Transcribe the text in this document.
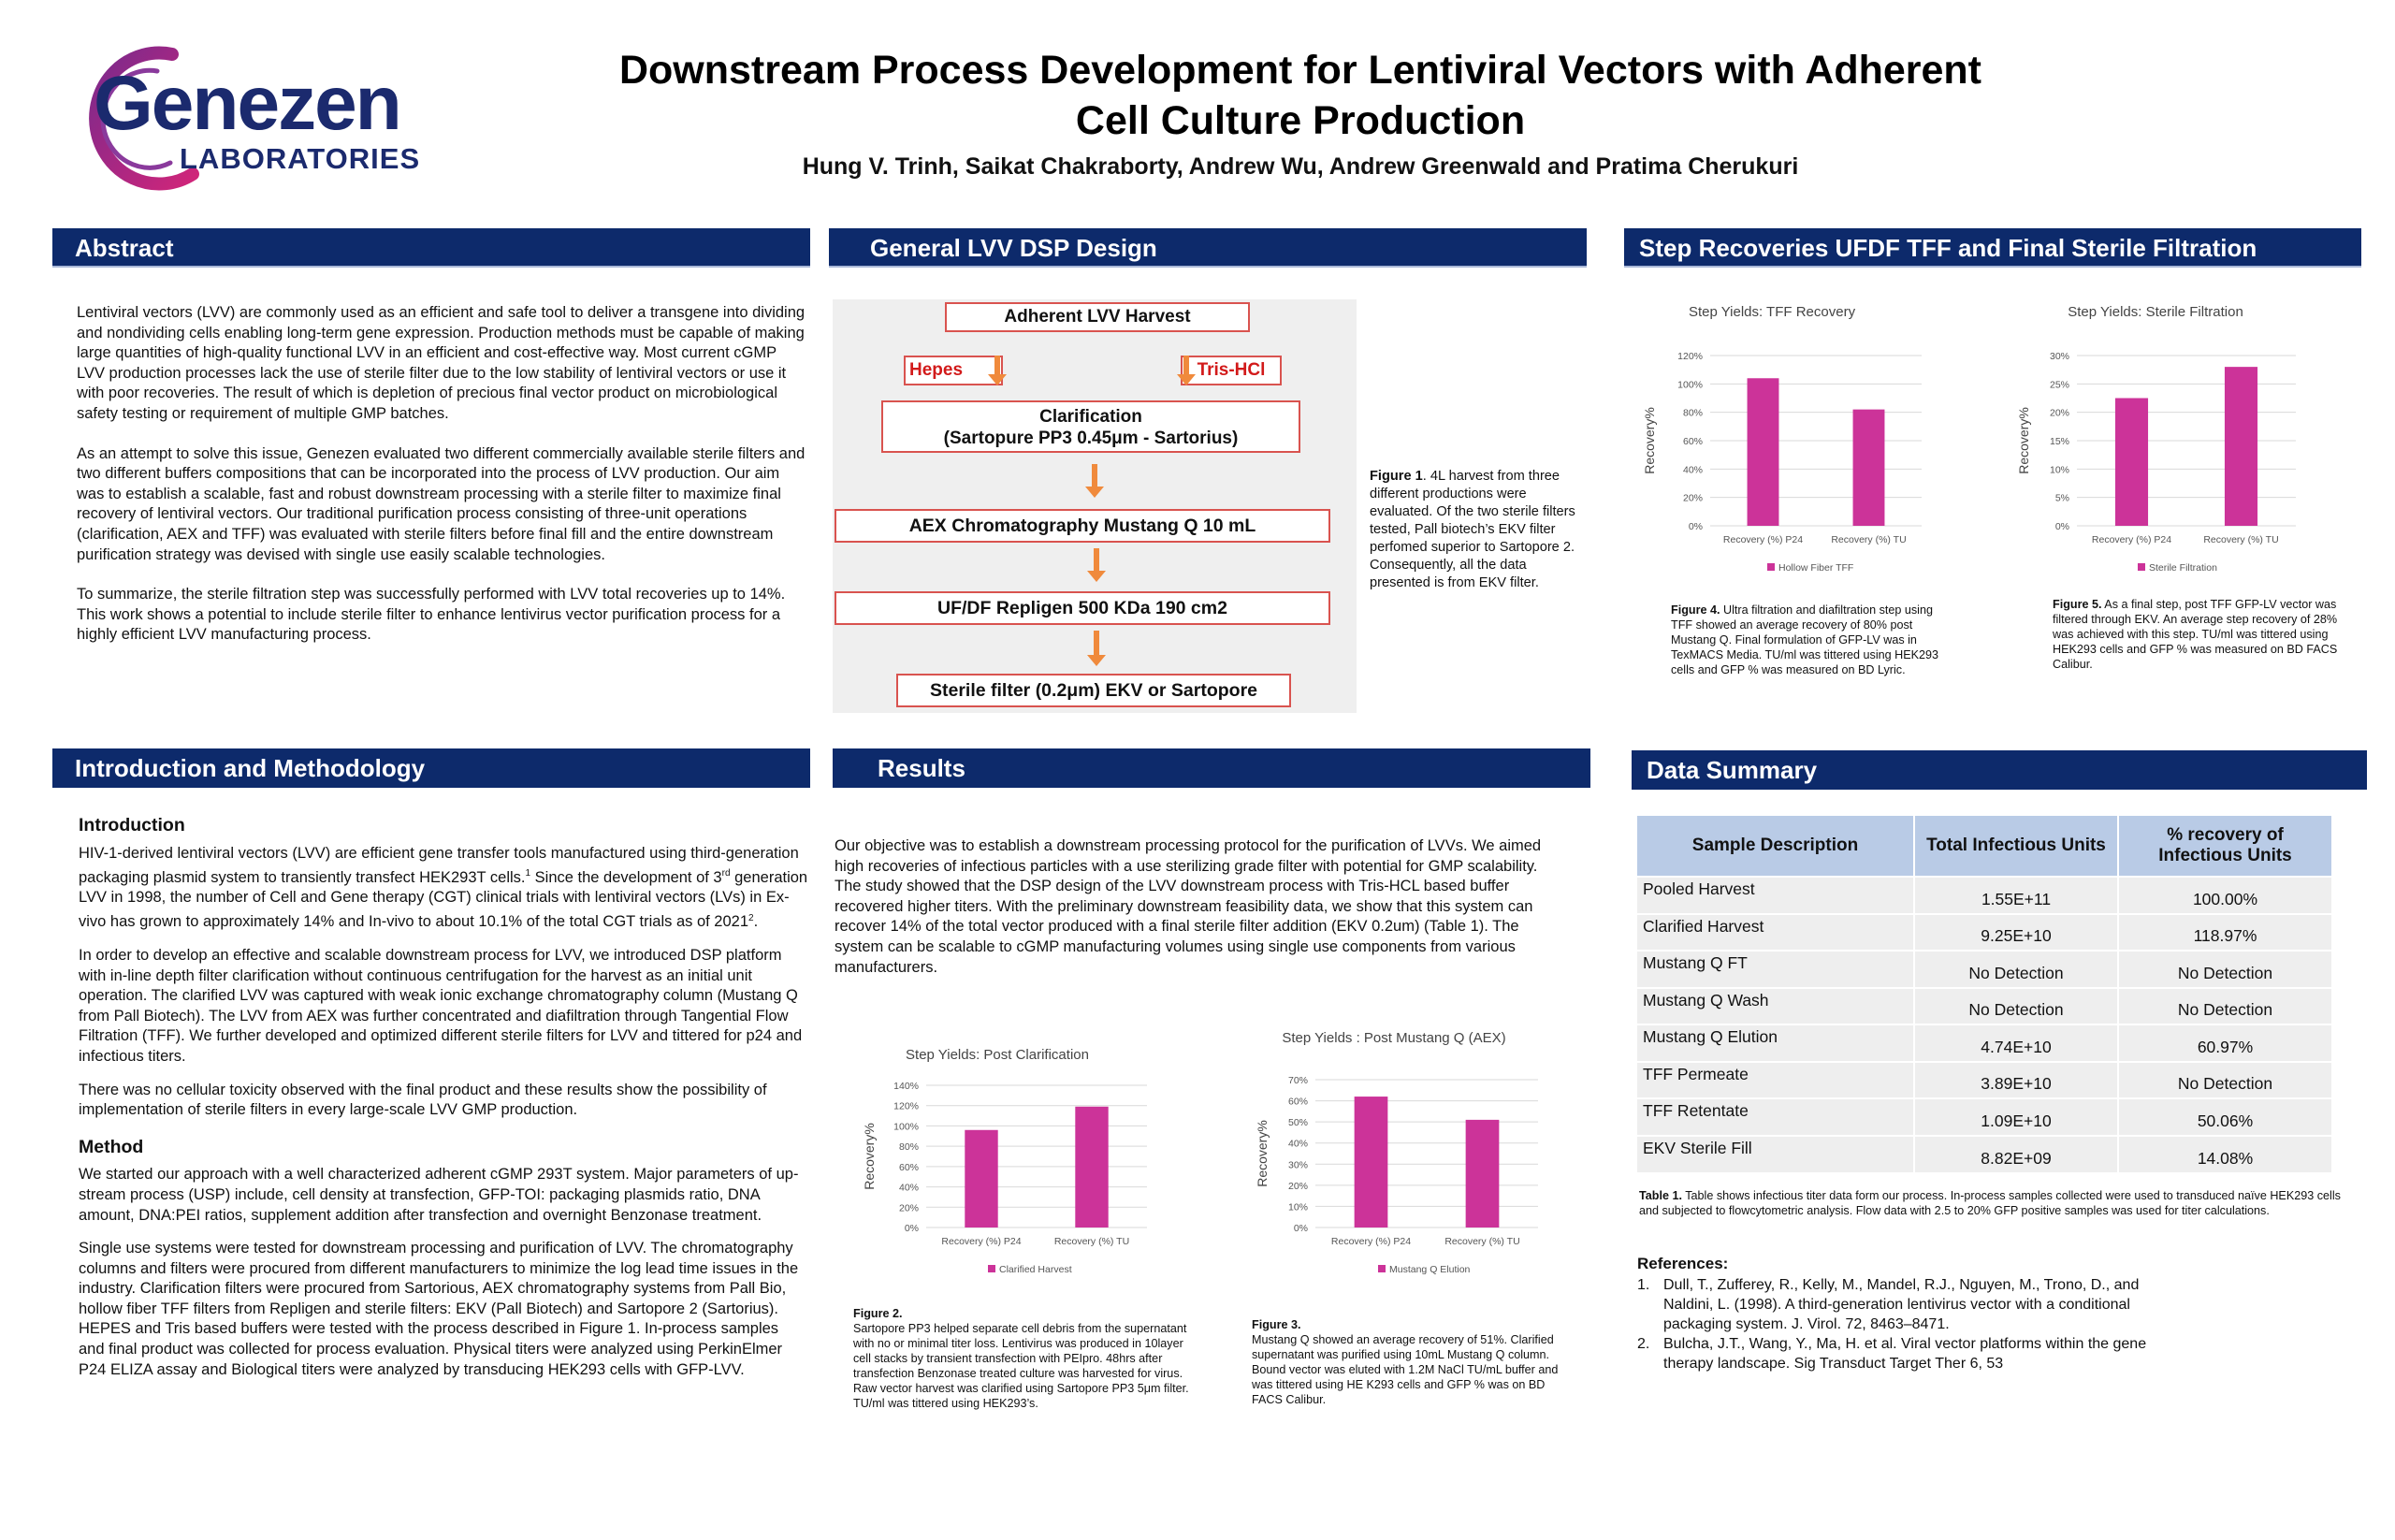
Genezen
LABORATORIES
Downstream Process Development for Lentiviral Vectors with Adherent
Cell Culture Production
Hung V. Trinh, Saikat Chakraborty, Andrew Wu, Andrew Greenwald and Pratima Cherukuri
Abstract	General LVV DSP Design	Step Recoveries UFDF TFF and Final Sterile Filtration
Introduction and Methodology	Results	Data Summary

Lentiviral vectors (LVV) are commonly used as an efficient and safe tool to deliver a transgene into dividing and nondividing cells enabling long-term gene expression. Production methods must be capable of making large quantities of high-quality functional LVV in an efficient and cost-effective way. Most current cGMP LVV production processes lack the use of sterile filter due to the low stability of lentiviral vectors or use it with poor recoveries. The result of which is depletion of precious final vector product on microbiological safety testing or requirement of multiple GMP batches.

As an attempt to solve this issue, Genezen evaluated two different commercially available sterile filters and two different buffers compositions that can be incorporated into the process of LVV production. Our aim was to establish a scalable, fast and robust downstream processing with a sterile filter to maximize final recovery of lentiviral vectors. Our traditional purification process consisting of three-unit operations (clarification, AEX and TFF) was evaluated with sterile filters before final fill and the entire downstream purification strategy was devised with single use easily scalable technologies.

To summarize, the sterile filtration step was successfully performed with LVV total recoveries up to 14%. This work shows a potential to include sterile filter to enhance lentivirus vector purification process for a highly efficient LVV manufacturing process.

Adherent LVV Harvest
Hepes	Tris-HCl
Clarification
(Sartopure PP3 0.45μm - Sartorius)
AEX Chromatography Mustang Q 10 mL
UF/DF Repligen 500 KDa 190 cm2
Sterile filter (0.2μm) EKV or Sartopore
Figure 1. 4L harvest from three different productions were evaluated. Of the two sterile filters tested, Pall biotech’s EKV filter perfomed superior to Sartopore 2. Consequently, all the data presented is from EKV filter.
Step Yields: TFF Recovery
Recovery%
0%
20%
40%
60%
80%
100%
120%
Recovery (%) P24	Recovery (%) TU
Hollow Fiber TFF
Step Yields: Sterile Filtration
Recovery%
0%
5%
10%
15%
20%
25%
30%
Recovery (%) P24	Recovery (%) TU
Sterile Filtration
Step Yields: Post Clarification
Recovery%
0%
20%
40%
60%
80%
100%
120%
140%
Recovery (%) P24	Recovery (%) TU
Clarified Harvest
Step Yields : Post Mustang Q (AEX)
Recovery%
0%
10%
20%
30%
40%
50%
60%
70%
Recovery (%) P24	Recovery (%) TU
Mustang Q Elution
Figure 4. Ultra filtration and diafiltration step using TFF showed an average recovery of 80% post Mustang Q. Final formulation of GFP-LV was in TexMACS Media. TU/ml was tittered using HEK293 cells and GFP % was measured on BD Lyric.
Figure 5. As a final step, post TFF GFP-LV vector was filtered through EKV. An average step recovery of 28% was achieved with this step. TU/ml was tittered using HEK293 cells and GFP % was measured on BD FACS Calibur.
Introduction

HIV-1-derived lentiviral vectors (LVV) are efficient gene transfer tools manufactured using third-generation packaging plasmid system to transiently transfect HEK293T cells.$^1$ Since the development of 3rd generation LVV in 1998, the number of Cell and Gene therapy (CGT) clinical trials with lentiviral vectors (LVs) in Ex-vivo has grown to approximately 14% and In-vivo to about 10.1% of the total CGT trials as of 2021$^2$.

In order to develop an effective and scalable downstream process for LVV, we introduced DSP platform with in-line depth filter clarification without continuous centrifugation for the harvest as an initial unit operation. The clarified LVV was captured with weak ionic exchange chromatography column (Mustang Q from Pall Biotech). The LVV from AEX was further concentrated and diafiltration through Tangential Flow Filtration (TFF). We further developed and optimized different sterile filters for LVV and tittered for p24 and infectious titers.

There was no cellular toxicity observed with the final product and these results show the possibility of implementation of sterile filters in every large-scale LVV GMP production.

Method

We started our approach with a well characterized adherent cGMP 293T system. Major parameters of up-stream process (USP) include, cell density at transfection, GFP-TOI: packaging plasmids ratio, DNA amount, DNA:PEI ratios, supplement addition after transfection and overnight Benzonase treatment.

Single use systems were tested for downstream processing and purification of LVV. The chromatography columns and filters were procured from different manufacturers to minimize the log lead time issues in the industry. Clarification filters were procured from Sartorious, AEX chromatography systems from Pall Bio, hollow fiber TFF filters from Repligen and sterile filters: EKV (Pall Biotech) and Sartopore 2 (Sartorius). HEPES and Tris based buffers were tested with the process described in Figure 1. In-process samples and final product was collected for process evaluation. Physical titers were analyzed using PerkinElmer P24 ELIZA assay and Biological titers were analyzed by transducing HEK293 cells with GFP-LVV.

Our objective was to establish a downstream processing protocol for the purification of LVVs. We aimed high recoveries of infectious particles with a use sterilizing grade filter with potential for GMP scalability. The study showed that the DSP design of the LVV downstream process with Tris-HCL based buffer recovered higher titers. With the preliminary downstream feasibility data, we show that this system can recover 14% of the total vector produced with a final sterile filter addition (EKV 0.2um) (Table 1). The system can be scalable to cGMP manufacturing volumes using single use components from various manufacturers.

Figure 2.
Sartopore PP3 helped separate cell debris from the supernatant with no or minimal titer loss. Lentivirus was produced in 10layer cell stacks by transient transfection with PEIpro. 48hrs after transfection Benzonase treated culture was harvested for virus. Raw vector harvest was clarified using Sartopore PP3 5μm filter. TU/ml was tittered using HEK293’s.
Figure 3.
Mustang Q showed an average recovery of 51%. Clarified supernatant was purified using 10mL Mustang Q column. Bound vector was eluted with 1.2M NaCl TU/mL buffer and was tittered using HE K293 cells and GFP % was on BD FACS Calibur.
Sample Description	Total Infectious Units	% recovery of Infectious Units
Pooled Harvest	1.55E+11	100.00%
Clarified Harvest	9.25E+10	118.97%
Mustang Q FT	No Detection	No Detection
Mustang Q Wash	No Detection	No Detection
Mustang Q Elution	4.74E+10	60.97%
TFF Permeate	3.89E+10	No Detection
TFF Retentate	1.09E+10	50.06%
EKV Sterile Fill	8.82E+09	14.08%
Table 1. Table shows infectious titer data form our process. In-process samples collected were used to transduced naïve HEK293 cells and subjected to flowcytometric analysis. Flow data with 2.5 to 20% GFP positive samples was used for titer calculations.
References:
1. Dull, T., Zufferey, R., Kelly, M., Mandel, R.J., Nguyen, M., Trono, D., and Naldini, L. (1998). A third-generation lentivirus vector with a conditional packaging system. J. Virol. 72, 8463–8471.
2. Bulcha, J.T., Wang, Y., Ma, H. et al. Viral vector platforms within the gene therapy landscape. Sig Transduct Target Ther 6, 53
